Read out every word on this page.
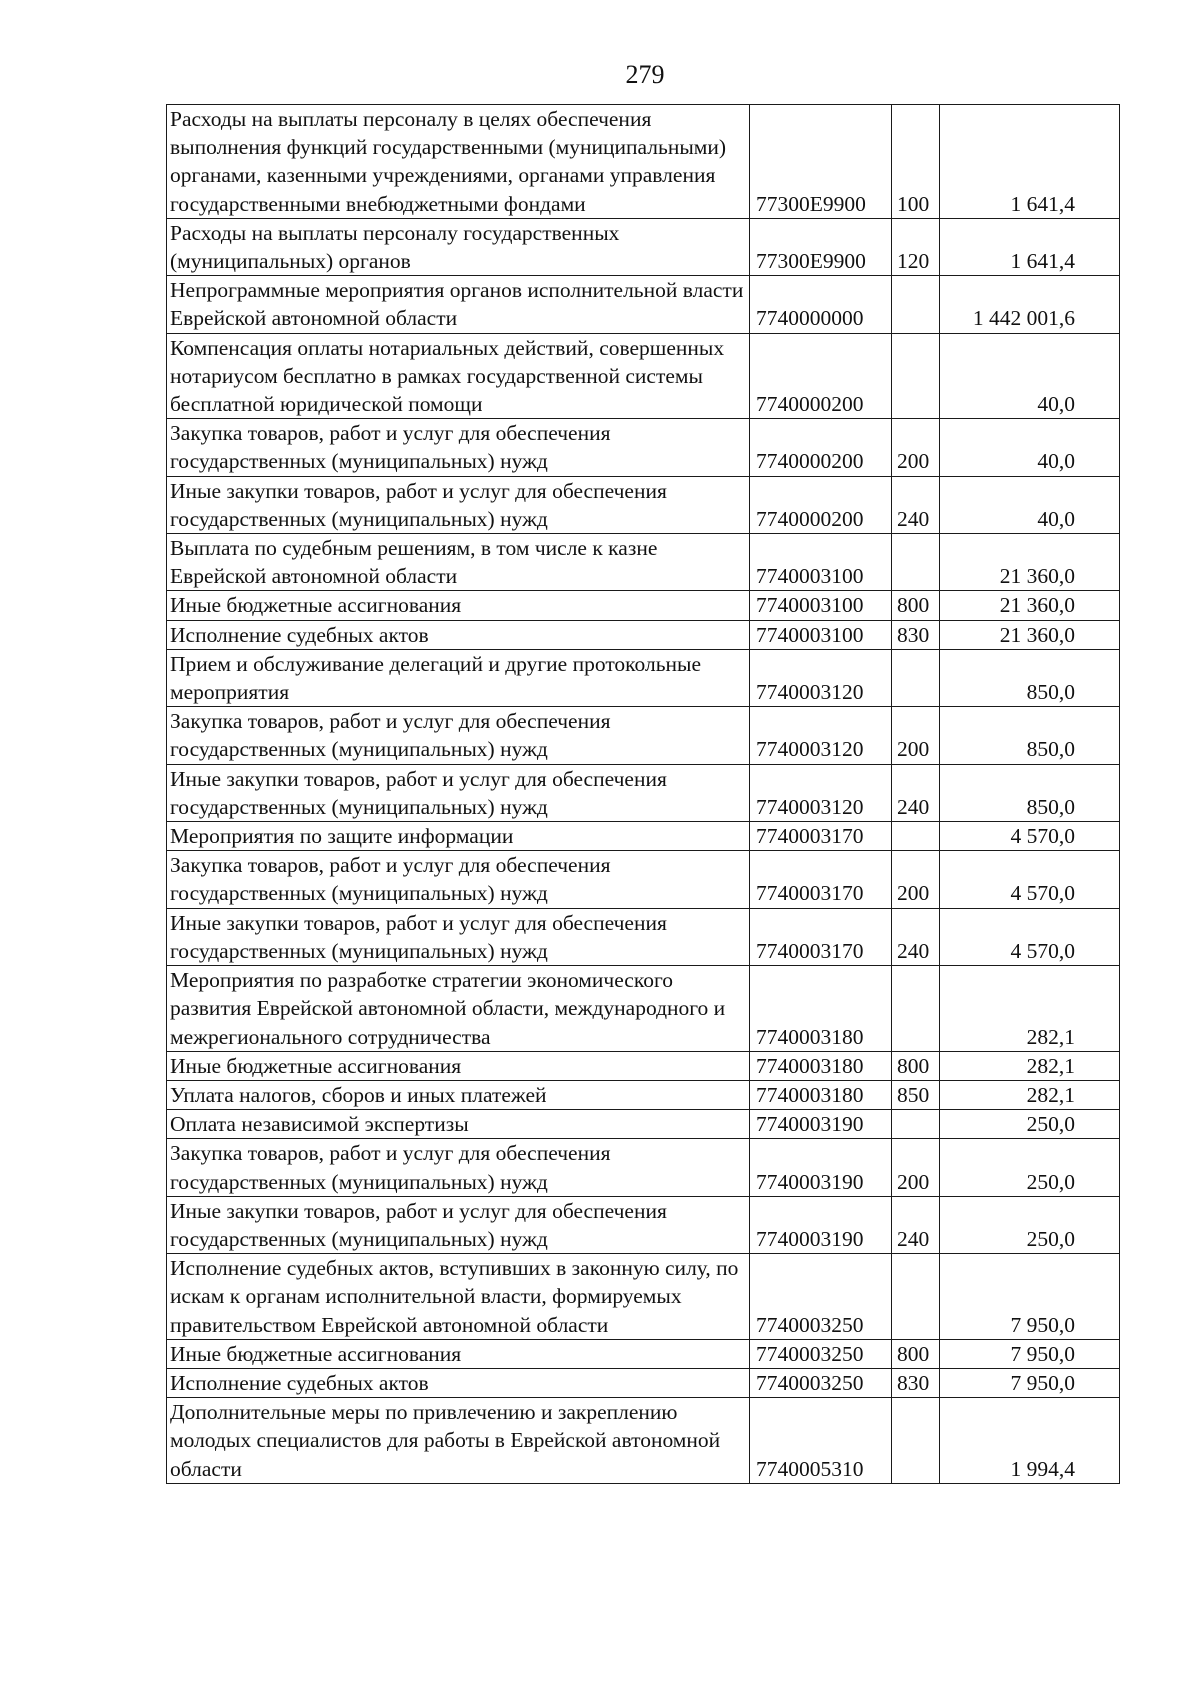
279
Расходы на выплаты персоналу в целях обеспечения выполнения функций государственными (муниципальными) органами, казенными учреждениями, органами управления государственными внебюджетными фондами	77300Е9900	100	1 641,4
Расходы на выплаты персоналу государственных (муниципальных) органов	77300Е9900	120	1 641,4
Непрограммные мероприятия органов исполнительной власти Еврейской автономной области	7740000000		1 442 001,6
Компенсация оплаты нотариальных действий, совершенных нотариусом бесплатно в рамках государственной системы бесплатной юридической помощи	7740000200		40,0
Закупка товаров, работ и услуг для обеспечения государственных (муниципальных) нужд	7740000200	200	40,0
Иные закупки товаров, работ и услуг для обеспечения государственных (муниципальных) нужд	7740000200	240	40,0
Выплата по судебным решениям, в том числе к казне Еврейской автономной области	7740003100		21 360,0
Иные бюджетные ассигнования	7740003100	800	21 360,0
Исполнение судебных актов	7740003100	830	21 360,0
Прием и обслуживание делегаций и другие протокольные мероприятия	7740003120		850,0
Закупка товаров, работ и услуг для обеспечения государственных (муниципальных) нужд	7740003120	200	850,0
Иные закупки товаров, работ и услуг для обеспечения государственных (муниципальных) нужд	7740003120	240	850,0
Мероприятия по защите информации	7740003170		4 570,0
Закупка товаров, работ и услуг для обеспечения государственных (муниципальных) нужд	7740003170	200	4 570,0
Иные закупки товаров, работ и услуг для обеспечения государственных (муниципальных) нужд	7740003170	240	4 570,0
Мероприятия по разработке стратегии экономического развития Еврейской автономной области, международного и межрегионального сотрудничества	7740003180		282,1
Иные бюджетные ассигнования	7740003180	800	282,1
Уплата налогов, сборов и иных платежей	7740003180	850	282,1
Оплата независимой экспертизы	7740003190		250,0
Закупка товаров, работ и услуг для обеспечения государственных (муниципальных) нужд	7740003190	200	250,0
Иные закупки товаров, работ и услуг для обеспечения государственных (муниципальных) нужд	7740003190	240	250,0
Исполнение судебных актов, вступивших в законную силу, по искам к органам исполнительной власти, формируемых правительством Еврейской автономной области	7740003250		7 950,0
Иные бюджетные ассигнования	7740003250	800	7 950,0
Исполнение судебных актов	7740003250	830	7 950,0
Дополнительные меры по привлечению и закреплению молодых специалистов для работы в Еврейской автономной области	7740005310		1 994,4
